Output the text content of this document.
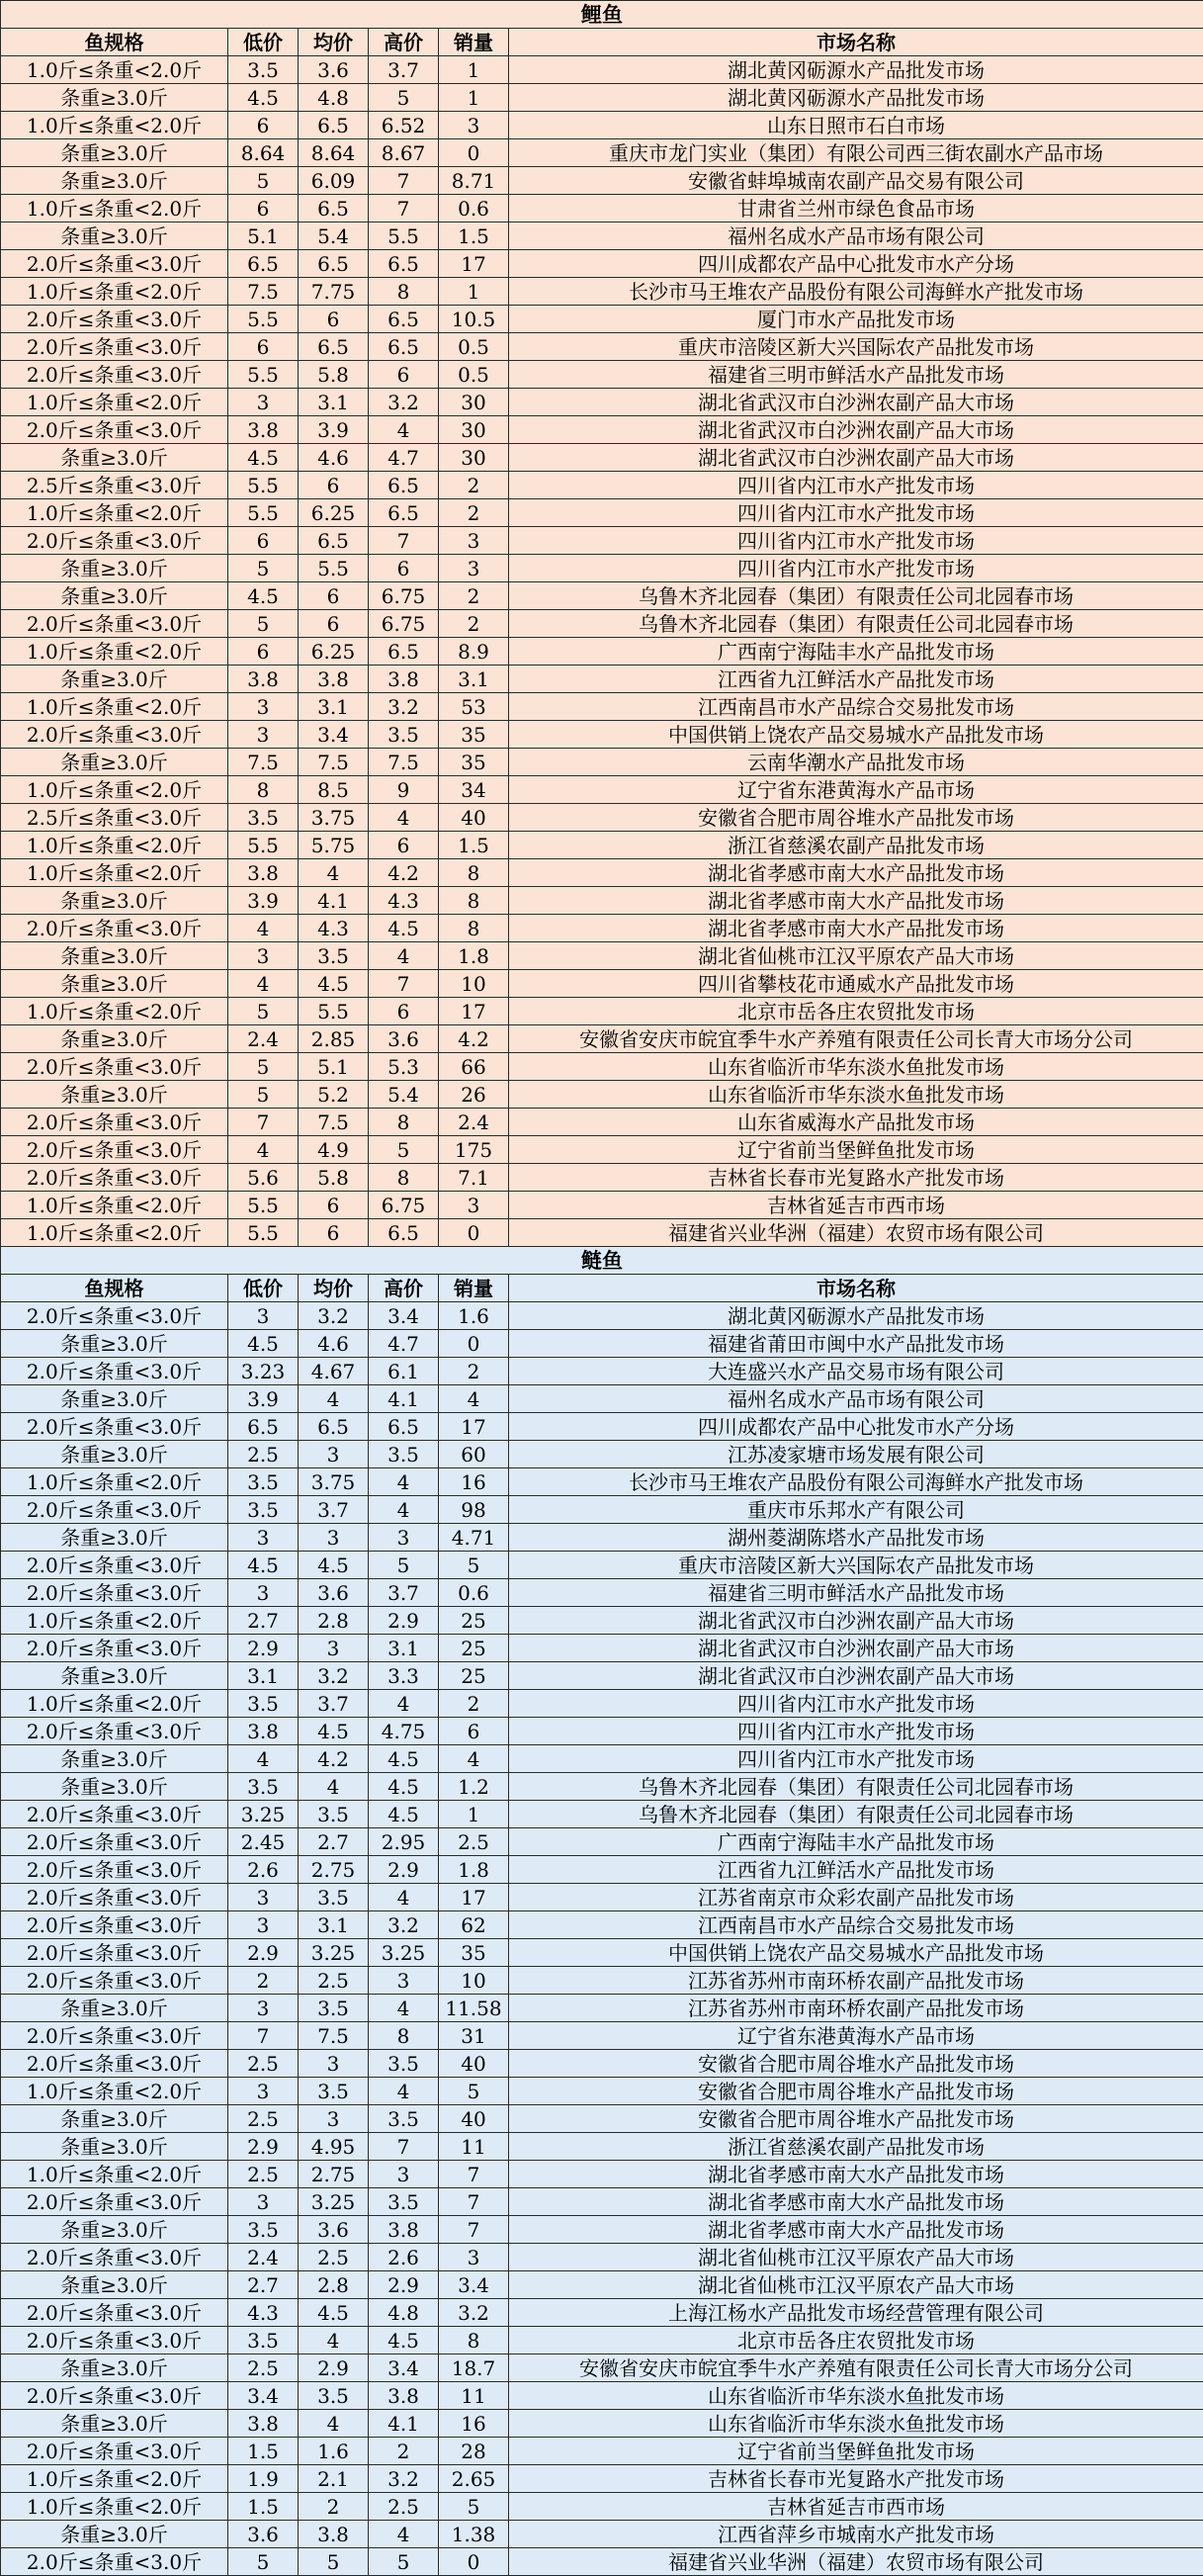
鲤鱼					
鱼规格	低价	均价	高价	销量	市场名称
1.0斤≤条重<2.0斤	3.5	3.6	3.7	1	湖北黄冈砺源水产品批发市场
条重≥3.0斤	4.5	4.8	5	1	湖北黄冈砺源水产品批发市场
1.0斤≤条重<2.0斤	6	6.5	6.52	3	山东日照市石白市场
条重≥3.0斤	8.64	8.64	8.67	0	重庆市龙门实业（集团）有限公司西三街农副水产品市场
条重≥3.0斤	5	6.09	7	8.71	安徽省蚌埠城南农副产品交易有限公司
1.0斤≤条重<2.0斤	6	6.5	7	0.6	甘肃省兰州市绿色食品市场
条重≥3.0斤	5.1	5.4	5.5	1.5	福州名成水产品市场有限公司
2.0斤≤条重<3.0斤	6.5	6.5	6.5	17	四川成都农产品中心批发市水产分场
1.0斤≤条重<2.0斤	7.5	7.75	8	1	长沙市马王堆农产品股份有限公司海鲜水产批发市场
2.0斤≤条重<3.0斤	5.5	6	6.5	10.5	厦门市水产品批发市场
2.0斤≤条重<3.0斤	6	6.5	6.5	0.5	重庆市涪陵区新大兴国际农产品批发市场
2.0斤≤条重<3.0斤	5.5	5.8	6	0.5	福建省三明市鲜活水产品批发市场
1.0斤≤条重<2.0斤	3	3.1	3.2	30	湖北省武汉市白沙洲农副产品大市场
2.0斤≤条重<3.0斤	3.8	3.9	4	30	湖北省武汉市白沙洲农副产品大市场
条重≥3.0斤	4.5	4.6	4.7	30	湖北省武汉市白沙洲农副产品大市场
2.5斤≤条重<3.0斤	5.5	6	6.5	2	四川省内江市水产批发市场
1.0斤≤条重<2.0斤	5.5	6.25	6.5	2	四川省内江市水产批发市场
2.0斤≤条重<3.0斤	6	6.5	7	3	四川省内江市水产批发市场
条重≥3.0斤	5	5.5	6	3	四川省内江市水产批发市场
条重≥3.0斤	4.5	6	6.75	2	乌鲁木齐北园春（集团）有限责任公司北园春市场
2.0斤≤条重<3.0斤	5	6	6.75	2	乌鲁木齐北园春（集团）有限责任公司北园春市场
1.0斤≤条重<2.0斤	6	6.25	6.5	8.9	广西南宁海陆丰水产品批发市场
条重≥3.0斤	3.8	3.8	3.8	3.1	江西省九江鲜活水产品批发市场
1.0斤≤条重<2.0斤	3	3.1	3.2	53	江西南昌市水产品综合交易批发市场
2.0斤≤条重<3.0斤	3	3.4	3.5	35	中国供销上饶农产品交易城水产品批发市场
条重≥3.0斤	7.5	7.5	7.5	35	云南华潮水产品批发市场
1.0斤≤条重<2.0斤	8	8.5	9	34	辽宁省东港黄海水产品市场
2.5斤≤条重<3.0斤	3.5	3.75	4	40	安徽省合肥市周谷堆水产品批发市场
1.0斤≤条重<2.0斤	5.5	5.75	6	1.5	浙江省慈溪农副产品批发市场
1.0斤≤条重<2.0斤	3.8	4	4.2	8	湖北省孝感市南大水产品批发市场
条重≥3.0斤	3.9	4.1	4.3	8	湖北省孝感市南大水产品批发市场
2.0斤≤条重<3.0斤	4	4.3	4.5	8	湖北省孝感市南大水产品批发市场
条重≥3.0斤	3	3.5	4	1.8	湖北省仙桃市江汉平原农产品大市场
条重≥3.0斤	4	4.5	7	10	四川省攀枝花市通威水产品批发市场
1.0斤≤条重<2.0斤	5	5.5	6	17	北京市岳各庄农贸批发市场
条重≥3.0斤	2.4	2.85	3.6	4.2	安徽省安庆市皖宜季牛水产养殖有限责任公司长青大市场分公司
2.0斤≤条重<3.0斤	5	5.1	5.3	66	山东省临沂市华东淡水鱼批发市场
条重≥3.0斤	5	5.2	5.4	26	山东省临沂市华东淡水鱼批发市场
2.0斤≤条重<3.0斤	7	7.5	8	2.4	山东省威海水产品批发市场
2.0斤≤条重<3.0斤	4	4.9	5	175	辽宁省前当堡鲜鱼批发市场
2.0斤≤条重<3.0斤	5.6	5.8	8	7.1	吉林省长春市光复路水产批发市场
1.0斤≤条重<2.0斤	5.5	6	6.75	3	吉林省延吉市西市场
1.0斤≤条重<2.0斤	5.5	6	6.5	0	福建省兴业华洲（福建）农贸市场有限公司
鲢鱼					
鱼规格	低价	均价	高价	销量	市场名称
2.0斤≤条重<3.0斤	3	3.2	3.4	1.6	湖北黄冈砺源水产品批发市场
条重≥3.0斤	4.5	4.6	4.7	0	福建省莆田市闽中水产品批发市场
2.0斤≤条重<3.0斤	3.23	4.67	6.1	2	大连盛兴水产品交易市场有限公司
条重≥3.0斤	3.9	4	4.1	4	福州名成水产品市场有限公司
2.0斤≤条重<3.0斤	6.5	6.5	6.5	17	四川成都农产品中心批发市水产分场
条重≥3.0斤	2.5	3	3.5	60	江苏凌家塘市场发展有限公司
1.0斤≤条重<2.0斤	3.5	3.75	4	16	长沙市马王堆农产品股份有限公司海鲜水产批发市场
2.0斤≤条重<3.0斤	3.5	3.7	4	98	重庆市乐邦水产有限公司
条重≥3.0斤	3	3	3	4.71	湖州菱湖陈塔水产品批发市场
2.0斤≤条重<3.0斤	4.5	4.5	5	5	重庆市涪陵区新大兴国际农产品批发市场
2.0斤≤条重<3.0斤	3	3.6	3.7	0.6	福建省三明市鲜活水产品批发市场
1.0斤≤条重<2.0斤	2.7	2.8	2.9	25	湖北省武汉市白沙洲农副产品大市场
2.0斤≤条重<3.0斤	2.9	3	3.1	25	湖北省武汉市白沙洲农副产品大市场
条重≥3.0斤	3.1	3.2	3.3	25	湖北省武汉市白沙洲农副产品大市场
1.0斤≤条重<2.0斤	3.5	3.7	4	2	四川省内江市水产批发市场
2.0斤≤条重<3.0斤	3.8	4.5	4.75	6	四川省内江市水产批发市场
条重≥3.0斤	4	4.2	4.5	4	四川省内江市水产批发市场
条重≥3.0斤	3.5	4	4.5	1.2	乌鲁木齐北园春（集团）有限责任公司北园春市场
2.0斤≤条重<3.0斤	3.25	3.5	4.5	1	乌鲁木齐北园春（集团）有限责任公司北园春市场
2.0斤≤条重<3.0斤	2.45	2.7	2.95	2.5	广西南宁海陆丰水产品批发市场
2.0斤≤条重<3.0斤	2.6	2.75	2.9	1.8	江西省九江鲜活水产品批发市场
2.0斤≤条重<3.0斤	3	3.5	4	17	江苏省南京市众彩农副产品批发市场
2.0斤≤条重<3.0斤	3	3.1	3.2	62	江西南昌市水产品综合交易批发市场
2.0斤≤条重<3.0斤	2.9	3.25	3.25	35	中国供销上饶农产品交易城水产品批发市场
2.0斤≤条重<3.0斤	2	2.5	3	10	江苏省苏州市南环桥农副产品批发市场
条重≥3.0斤	3	3.5	4	11.58	江苏省苏州市南环桥农副产品批发市场
2.0斤≤条重<3.0斤	7	7.5	8	31	辽宁省东港黄海水产品市场
2.0斤≤条重<3.0斤	2.5	3	3.5	40	安徽省合肥市周谷堆水产品批发市场
1.0斤≤条重<2.0斤	3	3.5	4	5	安徽省合肥市周谷堆水产品批发市场
条重≥3.0斤	2.5	3	3.5	40	安徽省合肥市周谷堆水产品批发市场
条重≥3.0斤	2.9	4.95	7	11	浙江省慈溪农副产品批发市场
1.0斤≤条重<2.0斤	2.5	2.75	3	7	湖北省孝感市南大水产品批发市场
2.0斤≤条重<3.0斤	3	3.25	3.5	7	湖北省孝感市南大水产品批发市场
条重≥3.0斤	3.5	3.6	3.8	7	湖北省孝感市南大水产品批发市场
2.0斤≤条重<3.0斤	2.4	2.5	2.6	3	湖北省仙桃市江汉平原农产品大市场
条重≥3.0斤	2.7	2.8	2.9	3.4	湖北省仙桃市江汉平原农产品大市场
2.0斤≤条重<3.0斤	4.3	4.5	4.8	3.2	上海江杨水产品批发市场经营管理有限公司
2.0斤≤条重<3.0斤	3.5	4	4.5	8	北京市岳各庄农贸批发市场
条重≥3.0斤	2.5	2.9	3.4	18.7	安徽省安庆市皖宜季牛水产养殖有限责任公司长青大市场分公司
2.0斤≤条重<3.0斤	3.4	3.5	3.8	11	山东省临沂市华东淡水鱼批发市场
条重≥3.0斤	3.8	4	4.1	16	山东省临沂市华东淡水鱼批发市场
2.0斤≤条重<3.0斤	1.5	1.6	2	28	辽宁省前当堡鲜鱼批发市场
1.0斤≤条重<2.0斤	1.9	2.1	3.2	2.65	吉林省长春市光复路水产批发市场
1.0斤≤条重<2.0斤	1.5	2	2.5	5	吉林省延吉市西市场
条重≥3.0斤	3.6	3.8	4	1.38	江西省萍乡市城南水产批发市场
2.0斤≤条重<3.0斤	5	5	5	0	福建省兴业华洲（福建）农贸市场有限公司
